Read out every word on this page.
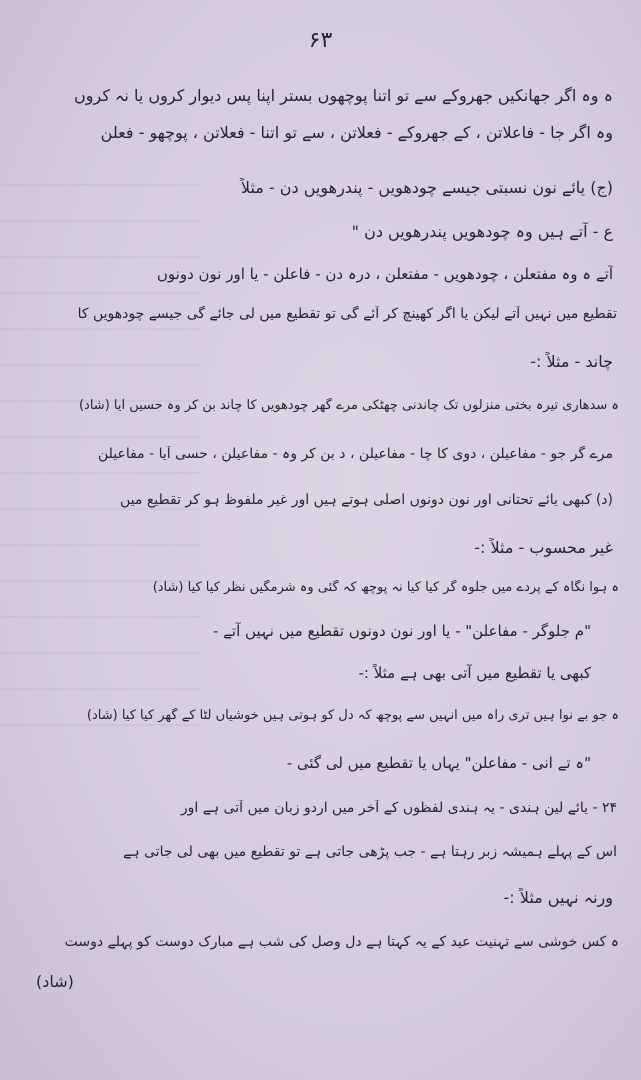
۶۳
ہ وہ اگر جھانکیں جھروکے سے تو اتنا پوچھوں بستر اپنا پس دیوار کروں یا نہ کروں
وہ اگر جا - فاعلاتن ، کے جھروکے - فعلاتن ، سے تو اتنا - فعلاتن ، پوچھو - فعلن
(ج) یائے نونِ نسبتی جیسے چودھویں - پندرھویں دن - مثلاً
ع - آتے ہیں وہ چودھویں پندرھویں دن "
آتے ہ وہ مفتعلن ، چودھویں - مفتعلن ، درہ دن - فاعلن - یا اور نون دونوں
تقطیع میں نہیں آتے لیکن یا اگر کھینچ کر آئے گی تو تقطیع میں لی جائے گی جیسے چودھویں کا
چاند - مثلاً :-
ہ سدھاری تیرہ بختی منزلوں تک چاندنی چھٹکی مرے گھر چودھویں کا چاند بن کر وہ حسیں آیا (شاد)
مرے گر جو - مفاعیلن ، دوی کا چا - مفاعیلن ، د بن کر وہ - مفاعیلن ، حسی آیا - مفاعیلن
(د) کبھی یائے تحتانی اور نون دونوں اصلی ہوتے ہیں اور غیر ملفوظ ہو کر تقطیع میں
غیر محسوب - مثلاً :-
ہ ہوا نگاہ کے پردے میں جلوہ گر کیا کیا نہ پوچھ کہ گئی وہ شرمگیں نظر کیا کیا (شاد)
"م جلوگر - مفاعلن" - یا اور نون دونوں تقطیع میں نہیں آتے -
کبھی یا تقطیع میں آتی بھی ہے مثلاً :-
ہ جو بے نوا ہیں تری راہ میں انہیں سے پوچھ کہ دل کو ہوتی ہیں خوشیاں لٹا کے گھر کیا کیا (شاد)
"ہ تے انی - مفاعلن" یہاں یا تقطیع میں لی گئی -
۲۴ - یائے لین ہندی - یہ ہندی لفظوں کے آخر میں اردو زبان میں آتی ہے اور
اس کے پہلے ہمیشہ زبر رہتا ہے - جب پڑھی جاتی ہے تو تقطیع میں بھی لی جاتی ہے
ورنہ نہیں مثلاً :-
ہ کس خوشی سے تہنیت عید کے یہ کہتا ہے دل وصل کی شب ہے مبارک دوست کو پہلے دوست
(شاد)
